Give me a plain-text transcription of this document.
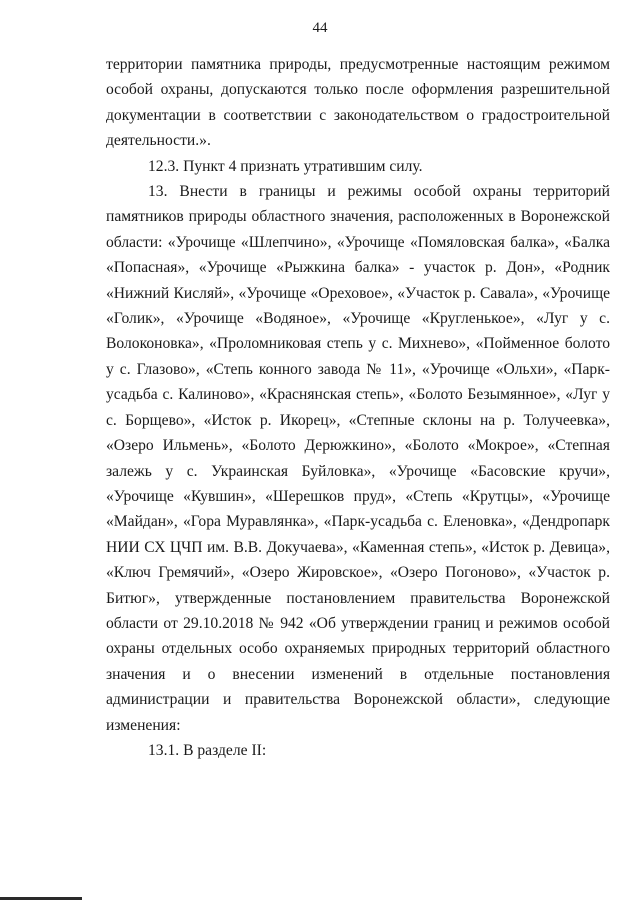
44

территории памятника природы, предусмотренные настоящим режимом особой охраны, допускаются только после оформления разрешительной документации в соответствии с законодательством о градостроительной деятельности.».

12.3. Пункт 4 признать утратившим силу.

13. Внести в границы и режимы особой охраны территорий памятников природы областного значения, расположенных в Воронежской области: «Урочище «Шлепчино», «Урочище «Помяловская балка», «Балка «Попасная», «Урочище «Рыжкина балка» - участок р. Дон», «Родник «Нижний Кисляй», «Урочище «Ореховое», «Участок р. Савала», «Урочище «Голик», «Урочище «Водяное», «Урочище «Кругленькое», «Луг у с. Волоконовка», «Проломниковая степь у с. Михнево», «Пойменное болото у с. Глазово», «Степь конного завода № 11», «Урочище «Ольхи», «Парк-усадьба с. Калиново», «Краснянская степь», «Болото Безымянное», «Луг у с. Борщево», «Исток р. Икорец», «Степные склоны на р. Толучеевка», «Озеро Ильмень», «Болото Дерюжкино», «Болото «Мокрое», «Степная залежь у с. Украинская Буйловка», «Урочище «Басовские кручи», «Урочище «Кувшин», «Шерешков пруд», «Степь «Крутцы», «Урочище «Майдан», «Гора Муравлянка», «Парк-усадьба с. Еленовка», «Дендропарк НИИ СХ ЦЧП им. В.В. Докучаева», «Каменная степь», «Исток р. Девица», «Ключ Гремячий», «Озеро Жировское», «Озеро Погоново», «Участок р. Битюг», утвержденные постановлением правительства Воронежской области от 29.10.2018 № 942 «Об утверждении границ и режимов особой охраны отдельных особо охраняемых природных территорий областного значения и о внесении изменений в отдельные постановления администрации и правительства Воронежской области», следующие изменения:

13.1. В разделе II:
